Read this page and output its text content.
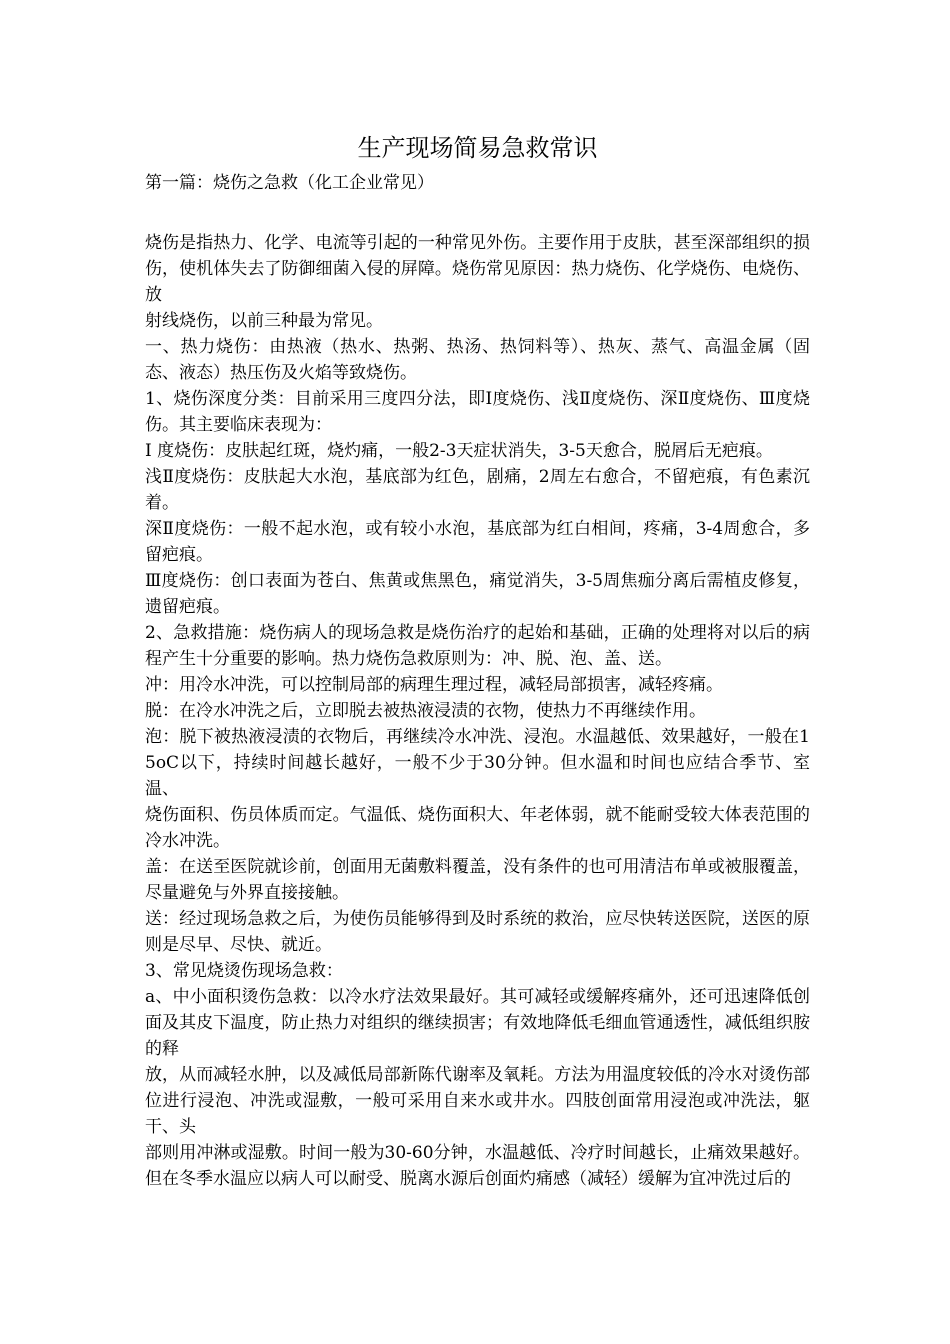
生产现场简易急救常识

第一篇：烧伤之急救（化工企业常见）

烧伤是指热力、化学、电流等引起的一种常见外伤。主要作用于皮肤，甚至深部组织的损伤，使机体失去了防御细菌入侵的屏障。烧伤常见原因：热力烧伤、化学烧伤、电烧伤、放

射线烧伤，以前三种最为常见。

一、热力烧伤：由热液（热水、热粥、热汤、热饲料等）、热灰、蒸气、高温金属（固态、液态）热压伤及火焰等致烧伤。

1、烧伤深度分类：目前采用三度四分法，即Ⅰ度烧伤、浅Ⅱ度烧伤、深Ⅱ度烧伤、Ⅲ度烧伤。其主要临床表现为：

Ⅰ 度烧伤：皮肤起红斑，烧灼痛，一般2-3天症状消失，3-5天愈合，脱屑后无疤痕。

浅Ⅱ度烧伤：皮肤起大水泡，基底部为红色，剧痛，2周左右愈合，不留疤痕，有色素沉着。

深Ⅱ度烧伤：一般不起水泡，或有较小水泡，基底部为红白相间，疼痛，3-4周愈合，多留疤痕。

Ⅲ度烧伤：创口表面为苍白、焦黄或焦黑色，痛觉消失，3-5周焦痂分离后需植皮修复，遗留疤痕。

2、急救措施：烧伤病人的现场急救是烧伤治疗的起始和基础，正确的处理将对以后的病程产生十分重要的影响。热力烧伤急救原则为：冲、脱、泡、盖、送。

冲：用冷水冲洗，可以控制局部的病理生理过程，减轻局部损害，减轻疼痛。

脱：在冷水冲洗之后，立即脱去被热液浸渍的衣物，使热力不再继续作用。

泡：脱下被热液浸渍的衣物后，再继续冷水冲洗、浸泡。水温越低、效果越好，一般在15oC以下，持续时间越长越好，一般不少于30分钟。但水温和时间也应结合季节、室温、

烧伤面积、伤员体质而定。气温低、烧伤面积大、年老体弱，就不能耐受较大体表范围的冷水冲洗。

盖：在送至医院就诊前，创面用无菌敷料覆盖，没有条件的也可用清洁布单或被服覆盖，尽量避免与外界直接接触。

送：经过现场急救之后，为使伤员能够得到及时系统的救治，应尽快转送医院，送医的原则是尽早、尽快、就近。

3、常见烧烫伤现场急救：

a、中小面积烫伤急救：以冷水疗法效果最好。其可减轻或缓解疼痛外，还可迅速降低创面及其皮下温度，防止热力对组织的继续损害；有效地降低毛细血管通透性，减低组织胺的释

放，从而减轻水肿，以及减低局部新陈代谢率及氧耗。方法为用温度较低的冷水对烫伤部位进行浸泡、冲洗或湿敷，一般可采用自来水或井水。四肢创面常用浸泡或冲洗法，躯干、头

部则用冲淋或湿敷。时间一般为30-60分钟，水温越低、冷疗时间越长，止痛效果越好。但在冬季水温应以病人可以耐受、脱离水源后创面灼痛感（减轻）缓解为宜冲洗过后的
